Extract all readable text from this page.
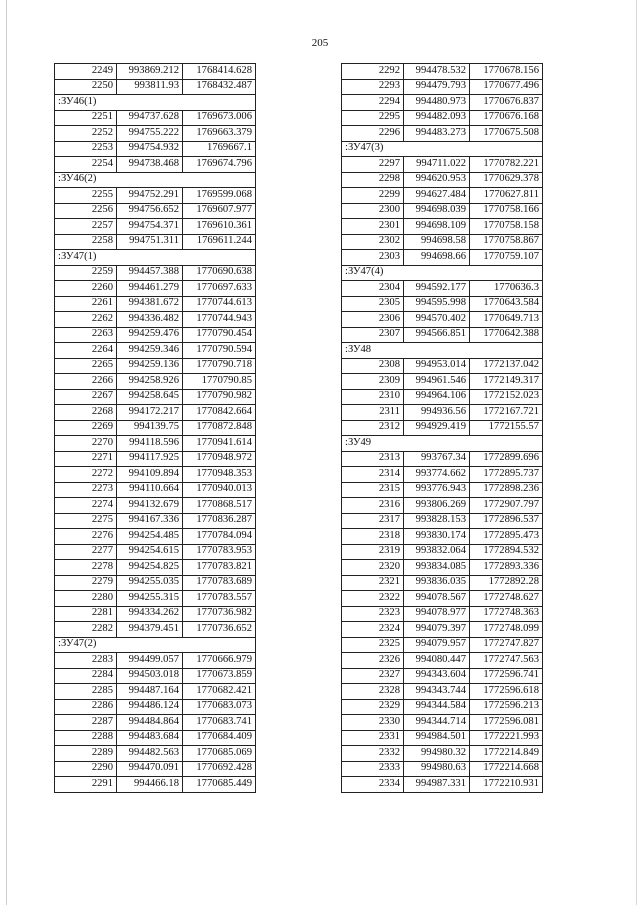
205
2249	993869.212	1768414.628
2250	993811.93	1768432.487
:ЗУ46(1)		
2251	994737.628	1769673.006
2252	994755.222	1769663.379
2253	994754.932	1769667.1
2254	994738.468	1769674.796
:ЗУ46(2)		
2255	994752.291	1769599.068
2256	994756.652	1769607.977
2257	994754.371	1769610.361
2258	994751.311	1769611.244
:ЗУ47(1)		
2259	994457.388	1770690.638
2260	994461.279	1770697.633
2261	994381.672	1770744.613
2262	994336.482	1770744.943
2263	994259.476	1770790.454
2264	994259.346	1770790.594
2265	994259.136	1770790.718
2266	994258.926	1770790.85
2267	994258.645	1770790.982
2268	994172.217	1770842.664
2269	994139.75	1770872.848
2270	994118.596	1770941.614
2271	994117.925	1770948.972
2272	994109.894	1770948.353
2273	994110.664	1770940.013
2274	994132.679	1770868.517
2275	994167.336	1770836.287
2276	994254.485	1770784.094
2277	994254.615	1770783.953
2278	994254.825	1770783.821
2279	994255.035	1770783.689
2280	994255.315	1770783.557
2281	994334.262	1770736.982
2282	994379.451	1770736.652
:ЗУ47(2)		
2283	994499.057	1770666.979
2284	994503.018	1770673.859
2285	994487.164	1770682.421
2286	994486.124	1770683.073
2287	994484.864	1770683.741
2288	994483.684	1770684.409
2289	994482.563	1770685.069
2290	994470.091	1770692.428
2291	994466.18	1770685.449
2292	994478.532	1770678.156
2293	994479.793	1770677.496
2294	994480.973	1770676.837
2295	994482.093	1770676.168
2296	994483.273	1770675.508
:ЗУ47(3)		
2297	994711.022	1770782.221
2298	994620.953	1770629.378
2299	994627.484	1770627.811
2300	994698.039	1770758.166
2301	994698.109	1770758.158
2302	994698.58	1770758.867
2303	994698.66	1770759.107
:ЗУ47(4)		
2304	994592.177	1770636.3
2305	994595.998	1770643.584
2306	994570.402	1770649.713
2307	994566.851	1770642.388
:ЗУ48		
2308	994953.014	1772137.042
2309	994961.546	1772149.317
2310	994964.106	1772152.023
2311	994936.56	1772167.721
2312	994929.419	1772155.57
:ЗУ49		
2313	993767.34	1772899.696
2314	993774.662	1772895.737
2315	993776.943	1772898.236
2316	993806.269	1772907.797
2317	993828.153	1772896.537
2318	993830.174	1772895.473
2319	993832.064	1772894.532
2320	993834.085	1772893.336
2321	993836.035	1772892.28
2322	994078.567	1772748.627
2323	994078.977	1772748.363
2324	994079.397	1772748.099
2325	994079.957	1772747.827
2326	994080.447	1772747.563
2327	994343.604	1772596.741
2328	994343.744	1772596.618
2329	994344.584	1772596.213
2330	994344.714	1772596.081
2331	994984.501	1772221.993
2332	994980.32	1772214.849
2333	994980.63	1772214.668
2334	994987.331	1772210.931
